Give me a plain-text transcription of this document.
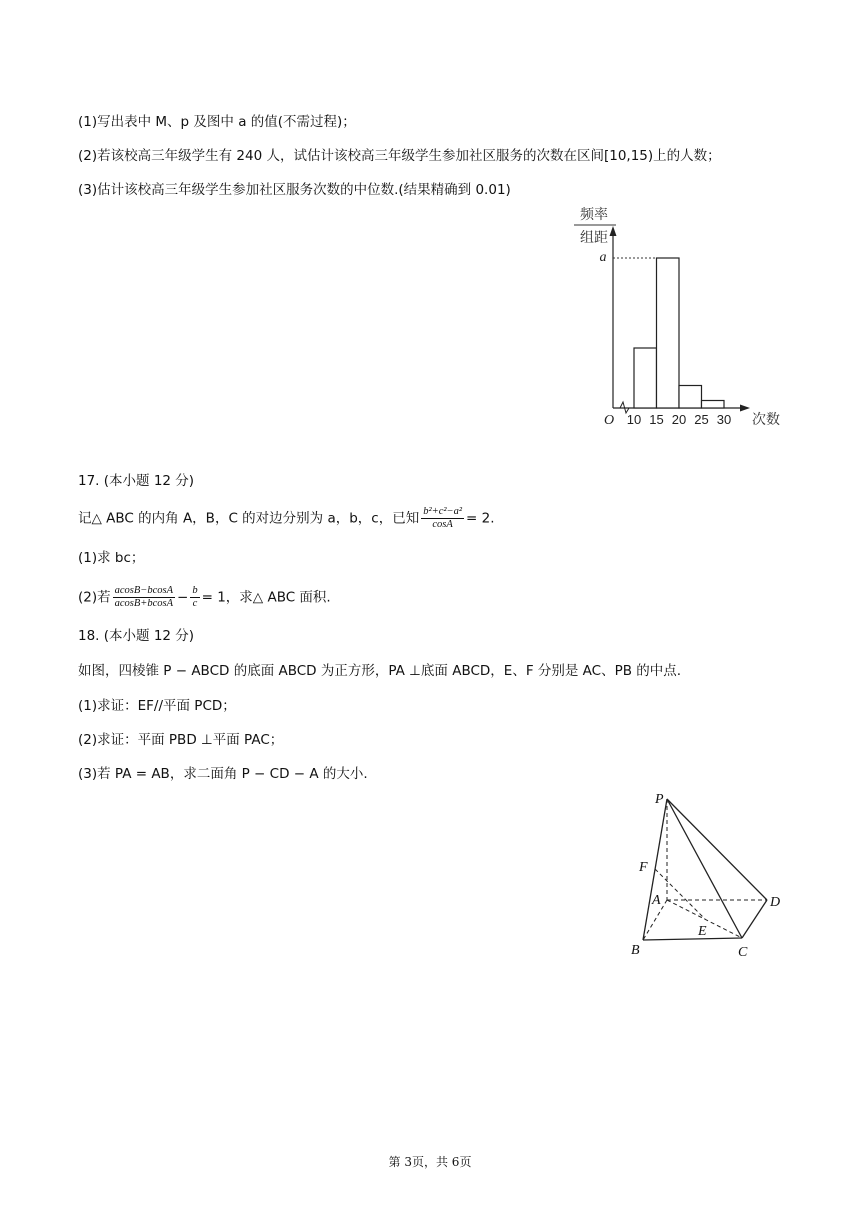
(1)写出表中 M、p 及图中 a 的值(不需过程)；
(2)若该校高三年级学生有 240 人，试估计该校高三年级学生参加社区服务的次数在区间[10,15)上的人数；
(3)估计该校高三年级学生参加社区服务次数的中位数.(结果精确到 0.01)
频率
组距
a
O 10 15 20 25 30 次数
17. (本小题 12 分)
记△ ABC 的内角 A，B，C 的对边分别为 a，b，c，已知 $\frac{\text{b²+c²−a²}}{\cos A} = 2$.
(1)求 bc；
(2)若 $\frac{acosB-bcosA}{acosB+bcosA} - \frac{b}{c} = 1$，求△ ABC 面积.
18. (本小题 12 分)
如图，四棱锥 P − ABCD 的底面 ABCD 为正方形，PA ⊥底面 ABCD，E、F 分别是 AC、PB 的中点.
(1)求证：EF//平面 PCD；
(2)求证：平面 PBD ⊥平面 PAC；
(3)若 PA = AB，求二面角 P − CD − A 的大小.
P
F
A	D
E
B	C
第 3页，共 6页
